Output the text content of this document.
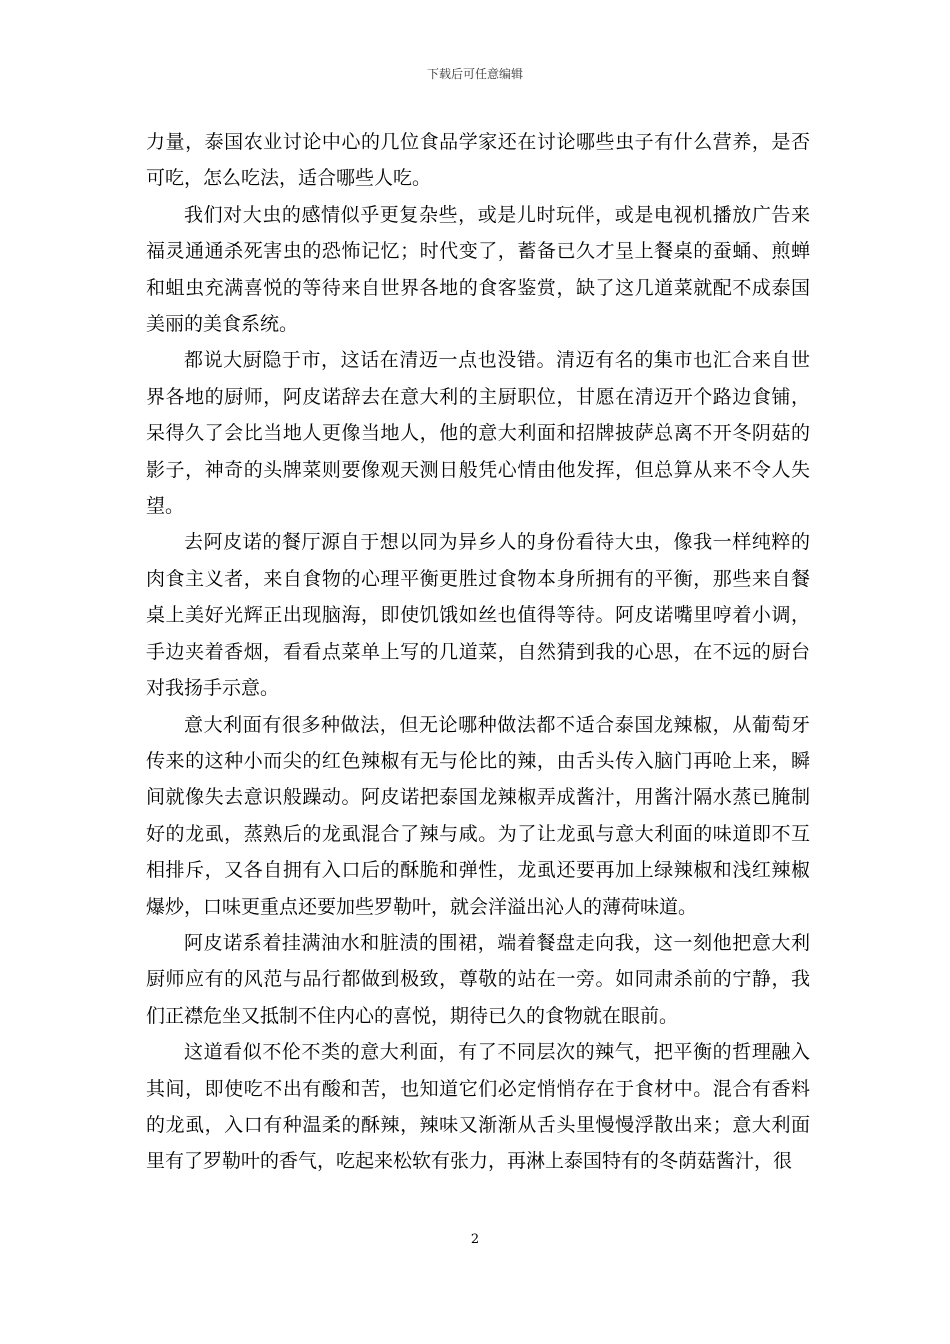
下载后可任意编辑

力量，泰国农业讨论中心的几位食品学家还在讨论哪些虫子有什么营养，是否可吃，怎么吃法，适合哪些人吃。

我们对大虫的感情似乎更复杂些，或是儿时玩伴，或是电视机播放广告来福灵通通杀死害虫的恐怖记忆；时代变了，蓄备已久才呈上餐桌的蚕蛹、煎蝉和蛆虫充满喜悦的等待来自世界各地的食客鉴赏，缺了这几道菜就配不成泰国美丽的美食系统。

都说大厨隐于市，这话在清迈一点也没错。清迈有名的集市也汇合来自世界各地的厨师，阿皮诺辞去在意大利的主厨职位，甘愿在清迈开个路边食铺，呆得久了会比当地人更像当地人，他的意大利面和招牌披萨总离不开冬阴菇的影子，神奇的头牌菜则要像观天测日般凭心情由他发挥，但总算从来不令人失望。

去阿皮诺的餐厅源自于想以同为异乡人的身份看待大虫，像我一样纯粹的肉食主义者，来自食物的心理平衡更胜过食物本身所拥有的平衡，那些来自餐桌上美好光辉正出现脑海，即使饥饿如丝也值得等待。阿皮诺嘴里哼着小调，手边夹着香烟，看看点菜单上写的几道菜，自然猜到我的心思，在不远的厨台对我扬手示意。

意大利面有很多种做法，但无论哪种做法都不适合泰国龙辣椒，从葡萄牙传来的这种小而尖的红色辣椒有无与伦比的辣，由舌头传入脑门再呛上来，瞬间就像失去意识般躁动。阿皮诺把泰国龙辣椒弄成酱汁，用酱汁隔水蒸已腌制好的龙虱，蒸熟后的龙虱混合了辣与咸。为了让龙虱与意大利面的味道即不互相排斥，又各自拥有入口后的酥脆和弹性，龙虱还要再加上绿辣椒和浅红辣椒爆炒，口味更重点还要加些罗勒叶，就会洋溢出沁人的薄荷味道。

阿皮诺系着挂满油水和脏渍的围裙，端着餐盘走向我，这一刻他把意大利厨师应有的风范与品行都做到极致，尊敬的站在一旁。如同肃杀前的宁静，我们正襟危坐又抵制不住内心的喜悦，期待已久的食物就在眼前。

这道看似不伦不类的意大利面，有了不同层次的辣气，把平衡的哲理融入其间，即使吃不出有酸和苦，也知道它们必定悄悄存在于食材中。混合有香料的龙虱，入口有种温柔的酥辣，辣味又渐渐从舌头里慢慢浮散出来；意大利面里有了罗勒叶的香气，吃起来松软有张力，再淋上泰国特有的冬荫菇酱汁，很

2
